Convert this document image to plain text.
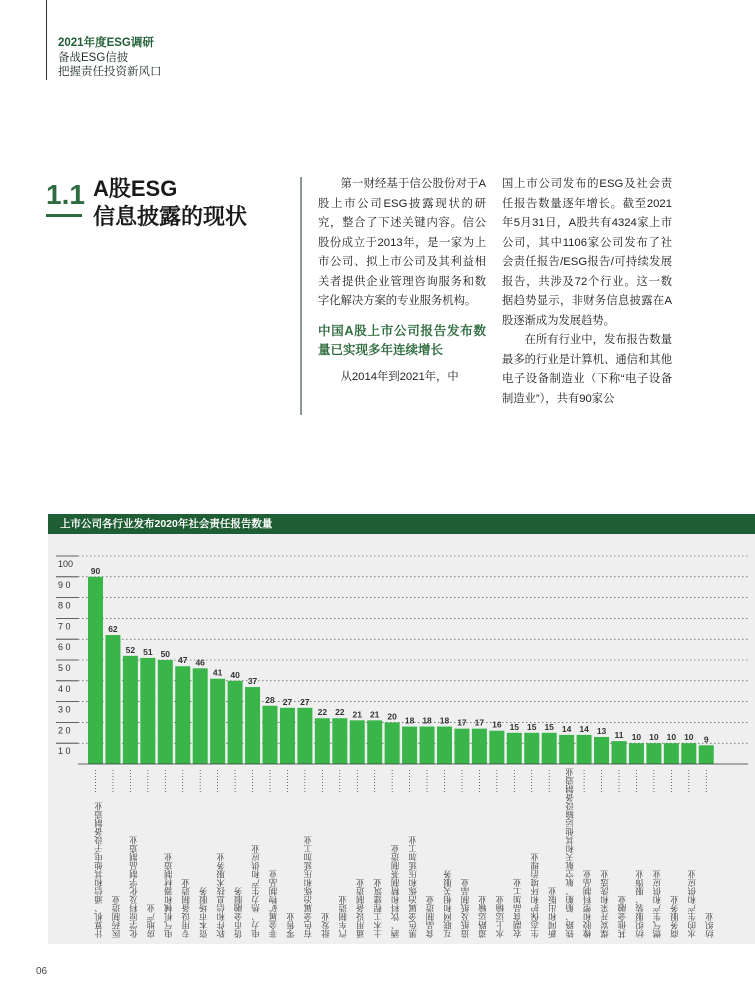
2021年度ESG调研
备战ESG信披
把握责任投资新风口
1.1 A股ESG
信息披露的现状

第一财经基于信公股份对于A股上市公司ESG披露现状的研究，整合了下述关键内容。信公股份成立于2013年，是一家为上市公司、拟上市公司及其利益相关者提供企业管理咨询服务和数字化解决方案的专业服务机构。

中国A股上市公司报告发布数量已实现多年连续增长

从2014年到2021年，中

国上市公司发布的ESG及社会责任报告数量逐年增长。截至2021年5月31日，A股共有4324家上市公司，其中1106家公司发布了社会责任报告/ESG报告/可持续发展报告，共涉及72个行业。这一数据趋势显示，非财务信息披露在A股逐渐成为发展趋势。

在所有行业中，发布报告数量最多的行业是计算机、通信和其他电子设备制造业（下称“电子设备制造业”），共有90家公

上市公司各行业发布2020年社会责任报告数量
1 0
2 0
3 0
4 0
5 0
6 0
7 0
8 0
9 0
100
90
计算机、通信和其他电子设备制造业
62
医药制造业
52
化学原料及化学制品制造业
51
房地产业
50
电气机械和器材制造业
47
专用设备制造业
46
资本市场服务
41
软件和信息技术服务业
40
货币金融服务
37
电力、热力生产和供应业
28
非金属矿物制品业
27
零售业
27
有色金属冶炼和压延加工业
22
批发业
22
汽车制造业
21
通用设备制造业
21
土木工程建筑业
20
酒、饮料和精制茶制造业
18
黑色金属冶炼和压延加工业
18
食品制造业
18
互联网和相关服务
17
造纸及纸制品业
17
道路运输业
16
水上运输业
15
农副食品加工业
15
生态保护和环境治理业
15
新闻和出版业
14
铁路、船舶、航空航天和其他运输设备制造业
14
橡胶和塑料制品业
13
煤炭开采和洗选业
11
其他金融业
10
纺织服装、服饰业
10
燃气生产和供应业
10
商务服务业
10
水的生产和供应业
9
纺织业
06
